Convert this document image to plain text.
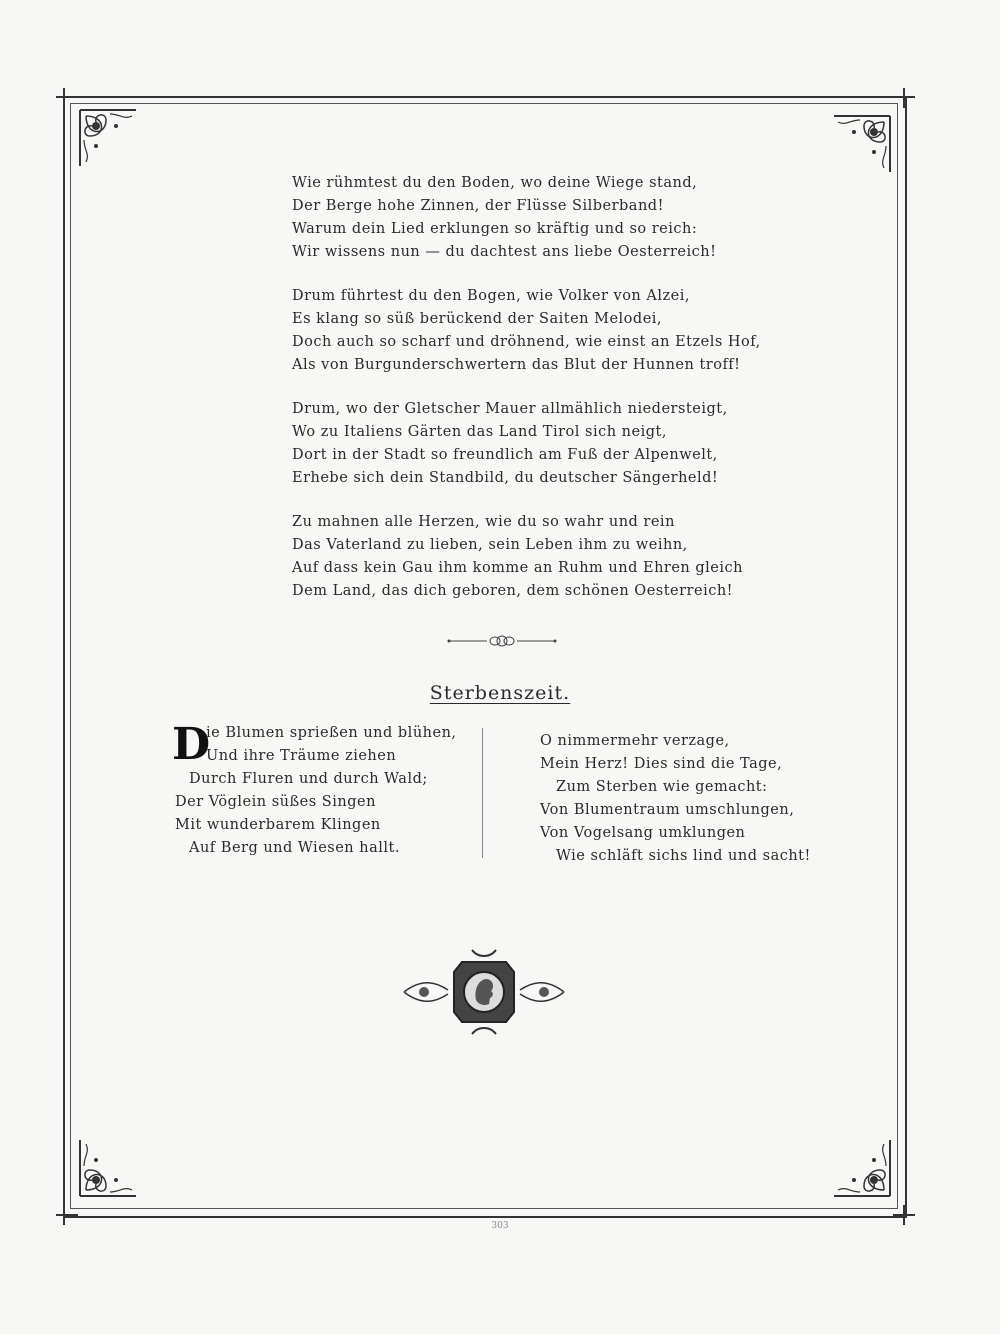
Wie rühmtest du den Boden, wo deine Wiege stand,
Der Berge hohe Zinnen, der Flüsse Silberband!
Warum dein Lied erklungen so kräftig und so reich:
Wir wissens nun — du dachtest ans liebe Oesterreich!
Drum führtest du den Bogen, wie Volker von Alzei,
Es klang so süß berückend der Saiten Melodei,
Doch auch so scharf und dröhnend, wie einst an Etzels Hof,
Als von Burgunderschwertern das Blut der Hunnen troff!
Drum, wo der Gletscher Mauer allmählich niedersteigt,
Wo zu Italiens Gärten das Land Tirol sich neigt,
Dort in der Stadt so freundlich am Fuß der Alpenwelt,
Erhebe sich dein Standbild, du deutscher Sängerheld!
Zu mahnen alle Herzen, wie du so wahr und rein
Das Vaterland zu lieben, sein Leben ihm zu weihn,
Auf dass kein Gau ihm komme an Ruhm und Ehren gleich
Dem Land, das dich geboren, dem schönen Oesterreich!
Sterbenszeit.
D
ie Blumen sprießen und blühen,
Und ihre Träume ziehen
Durch Fluren und durch Wald;
Der Vöglein süßes Singen
Mit wunderbarem Klingen
Auf Berg und Wiesen hallt.
O nimmermehr verzage,
Mein Herz! Dies sind die Tage,
Zum Sterben wie gemacht:
Von Blumentraum umschlungen,
Von Vogelsang umklungen
Wie schläft sichs lind und sacht!
303
